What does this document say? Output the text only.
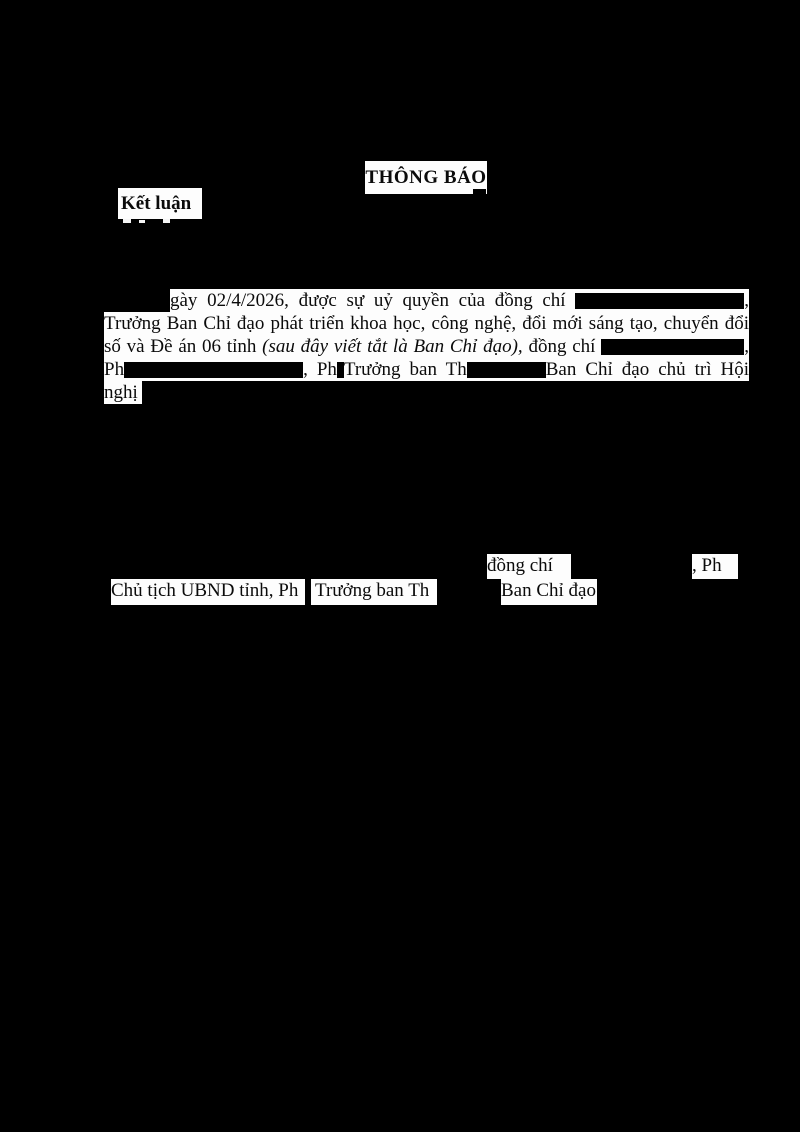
THÔNG BÁO
Kết luận
gày 02/4/2026, được sự uỷ quyền của đồng chí	,
Trưởng Ban Chỉ đạo phát triển khoa học, công nghệ, đổi mới sáng tạo, chuyển đổi
số và Đề án 06 tỉnh (sau đây viết tắt là Ban Chỉ đạo), đồng chí	,
Ph	, Ph Trưởng ban Th	Ban Chỉ đạo chủ trì Hội
nghị
đồng chí	, Ph
Chủ tịch UBND tỉnh, Ph Trưởng ban Th	Ban Chỉ đạo
